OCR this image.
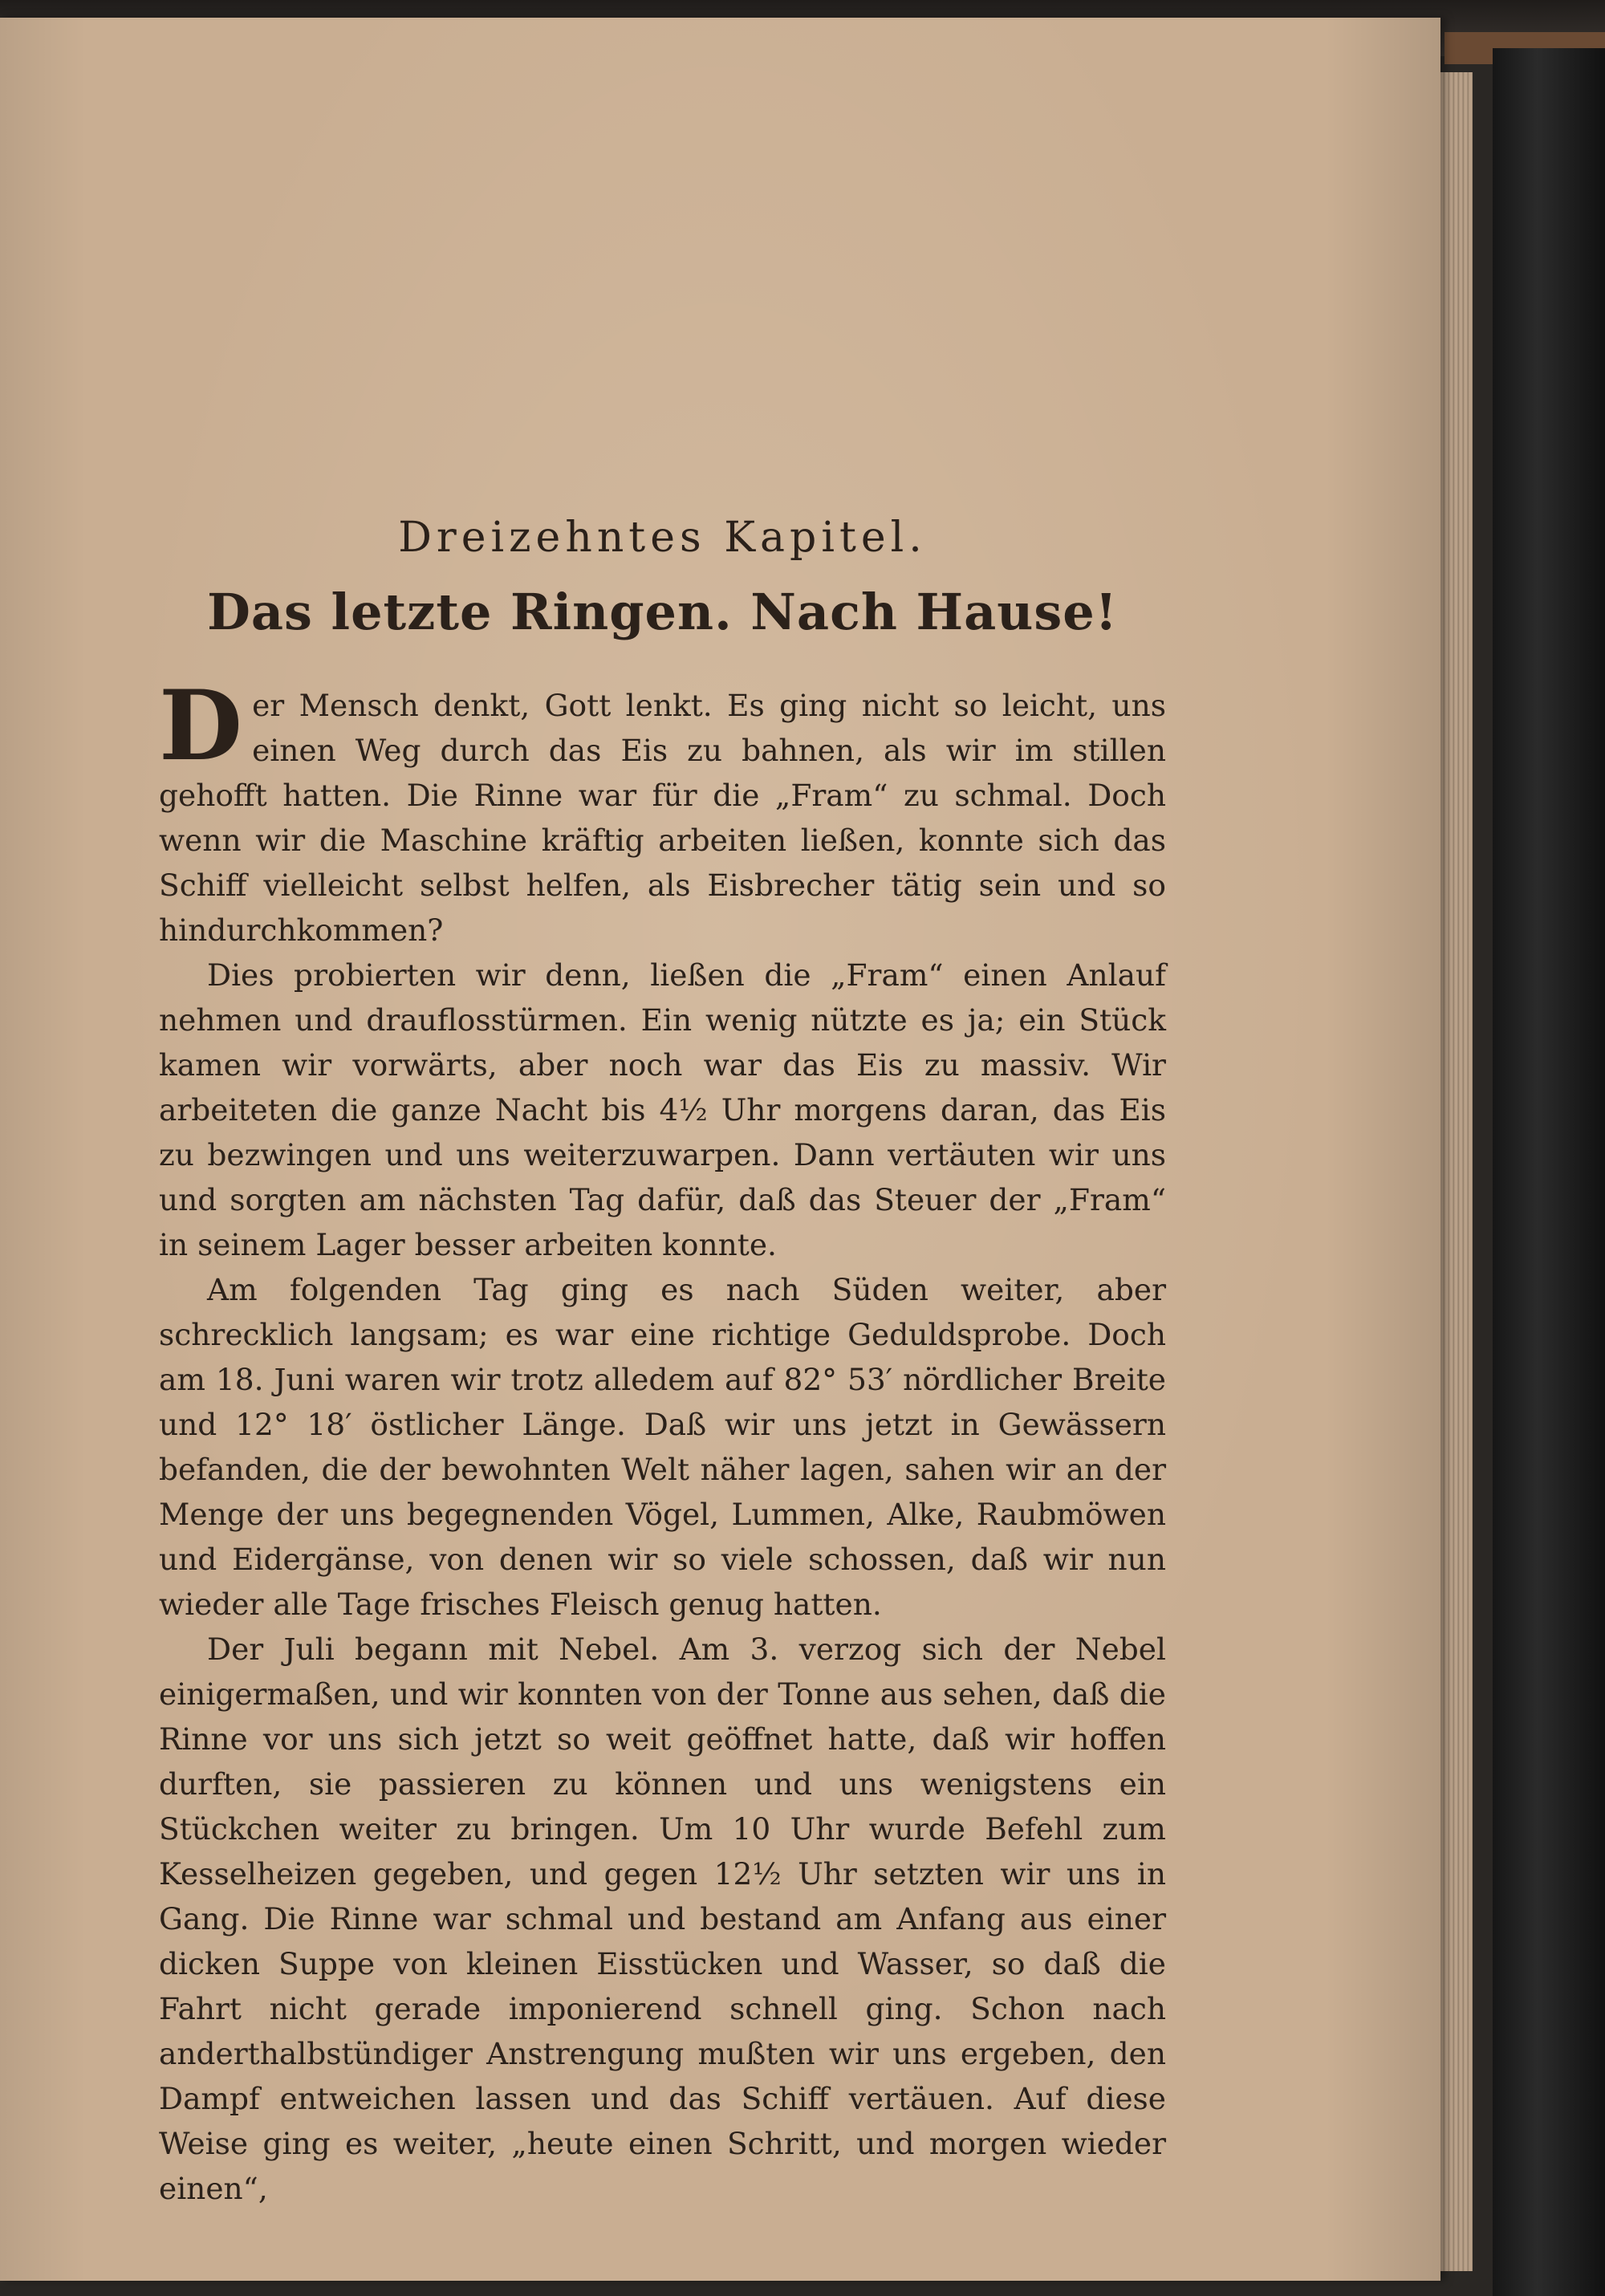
Dreizehntes Kapitel.
Das letzte Ringen. Nach Hause!

Der Mensch denkt, Gott lenkt. Es ging nicht so leicht, uns einen Weg durch das Eis zu bahnen, als wir im stillen gehofft hatten. Die Rinne war für die „Fram“ zu schmal. Doch wenn wir die Maschine kräftig arbeiten ließen, konnte sich das Schiff vielleicht selbst helfen, als Eisbrecher tätig sein und so hindurchkommen?

Dies probierten wir denn, ließen die „Fram“ einen Anlauf nehmen und drauflosstürmen. Ein wenig nützte es ja; ein Stück kamen wir vorwärts, aber noch war das Eis zu massiv. Wir arbeiteten die ganze Nacht bis 4½ Uhr morgens daran, das Eis zu bezwingen und uns weiterzuwarpen. Dann vertäuten wir uns und sorgten am nächsten Tag dafür, daß das Steuer der „Fram“ in seinem Lager besser arbeiten konnte.

Am folgenden Tag ging es nach Süden weiter, aber schrecklich langsam; es war eine richtige Geduldsprobe. Doch am 18. Juni waren wir trotz alledem auf 82° 53′ nördlicher Breite und 12° 18′ östlicher Länge. Daß wir uns jetzt in Gewässern befanden, die der bewohnten Welt näher lagen, sahen wir an der Menge der uns begegnenden Vögel, Lummen, Alke, Raubmöwen und Eidergänse, von denen wir so viele schossen, daß wir nun wieder alle Tage frisches Fleisch genug hatten.

Der Juli begann mit Nebel. Am 3. verzog sich der Nebel einigermaßen, und wir konnten von der Tonne aus sehen, daß die Rinne vor uns sich jetzt so weit geöffnet hatte, daß wir hoffen durften, sie passieren zu können und uns wenigstens ein Stückchen weiter zu bringen. Um 10 Uhr wurde Befehl zum Kesselheizen gegeben, und gegen 12½ Uhr setzten wir uns in Gang. Die Rinne war schmal und bestand am Anfang aus einer dicken Suppe von kleinen Eisstücken und Wasser, so daß die Fahrt nicht gerade imponierend schnell ging. Schon nach anderthalbstündiger Anstrengung mußten wir uns ergeben, den Dampf entweichen lassen und das Schiff vertäuen. Auf diese Weise ging es weiter, „heute einen Schritt, und morgen wieder einen“,
